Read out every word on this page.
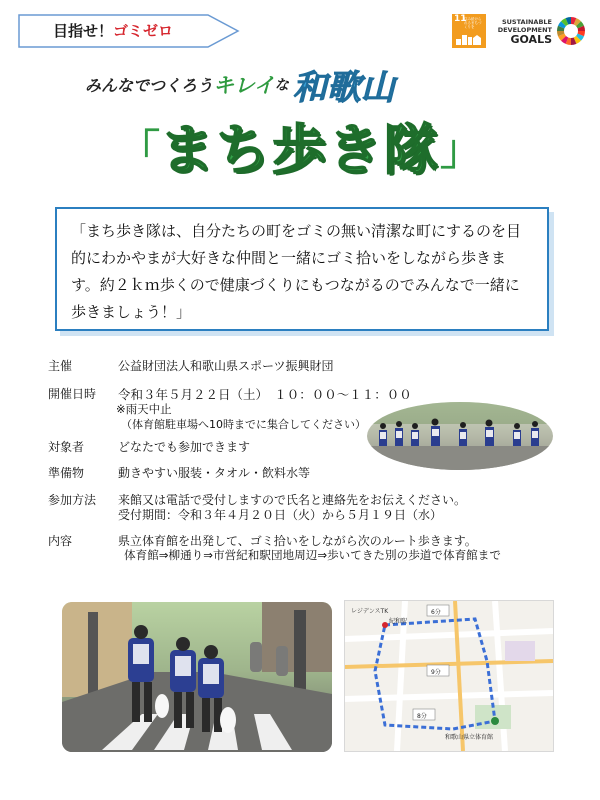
目指せ！ゴミゼロ
11
住み続けられるまちづくりを
SUSTAINABLE
DEVELOPMENT
GOALS
みんなでつくろうキレイな 和歌山
「まち歩き隊」
「まち歩き隊は、自分たちの町をゴミの無い清潔な町にするのを目的にわかやまが大好きな仲間と一緒にゴミ拾いをしながら歩きます。約２ｋｍ歩くので健康づくりにもつながるのでみんなで一緒に歩きましょう！」
主催	公益財団法人和歌山県スポーツ振興財団
開催日時 令和３年５月２２日（土）　１０：００～１１：００
※雨天中止
（体育館駐車場へ10時までに集合してください）
対象者	どなたでも参加できます
準備物	動きやすい服装・タオル・飲料水等
参加方法 来館又は電話で受付しますので氏名と連絡先をお伝えください。
受付期間：令和３年４月２０日（火）から５月１９日（水）
内容	県立体育館を出発して、ゴミ拾いをしながら次のルート歩きます。
体育館⇒柳通り⇒市営紀和駅団地周辺⇒歩いてきた別の歩道で体育館まで
レジデンスTK
紀和駅
和歌山県立体育館
6分
9分
8分
